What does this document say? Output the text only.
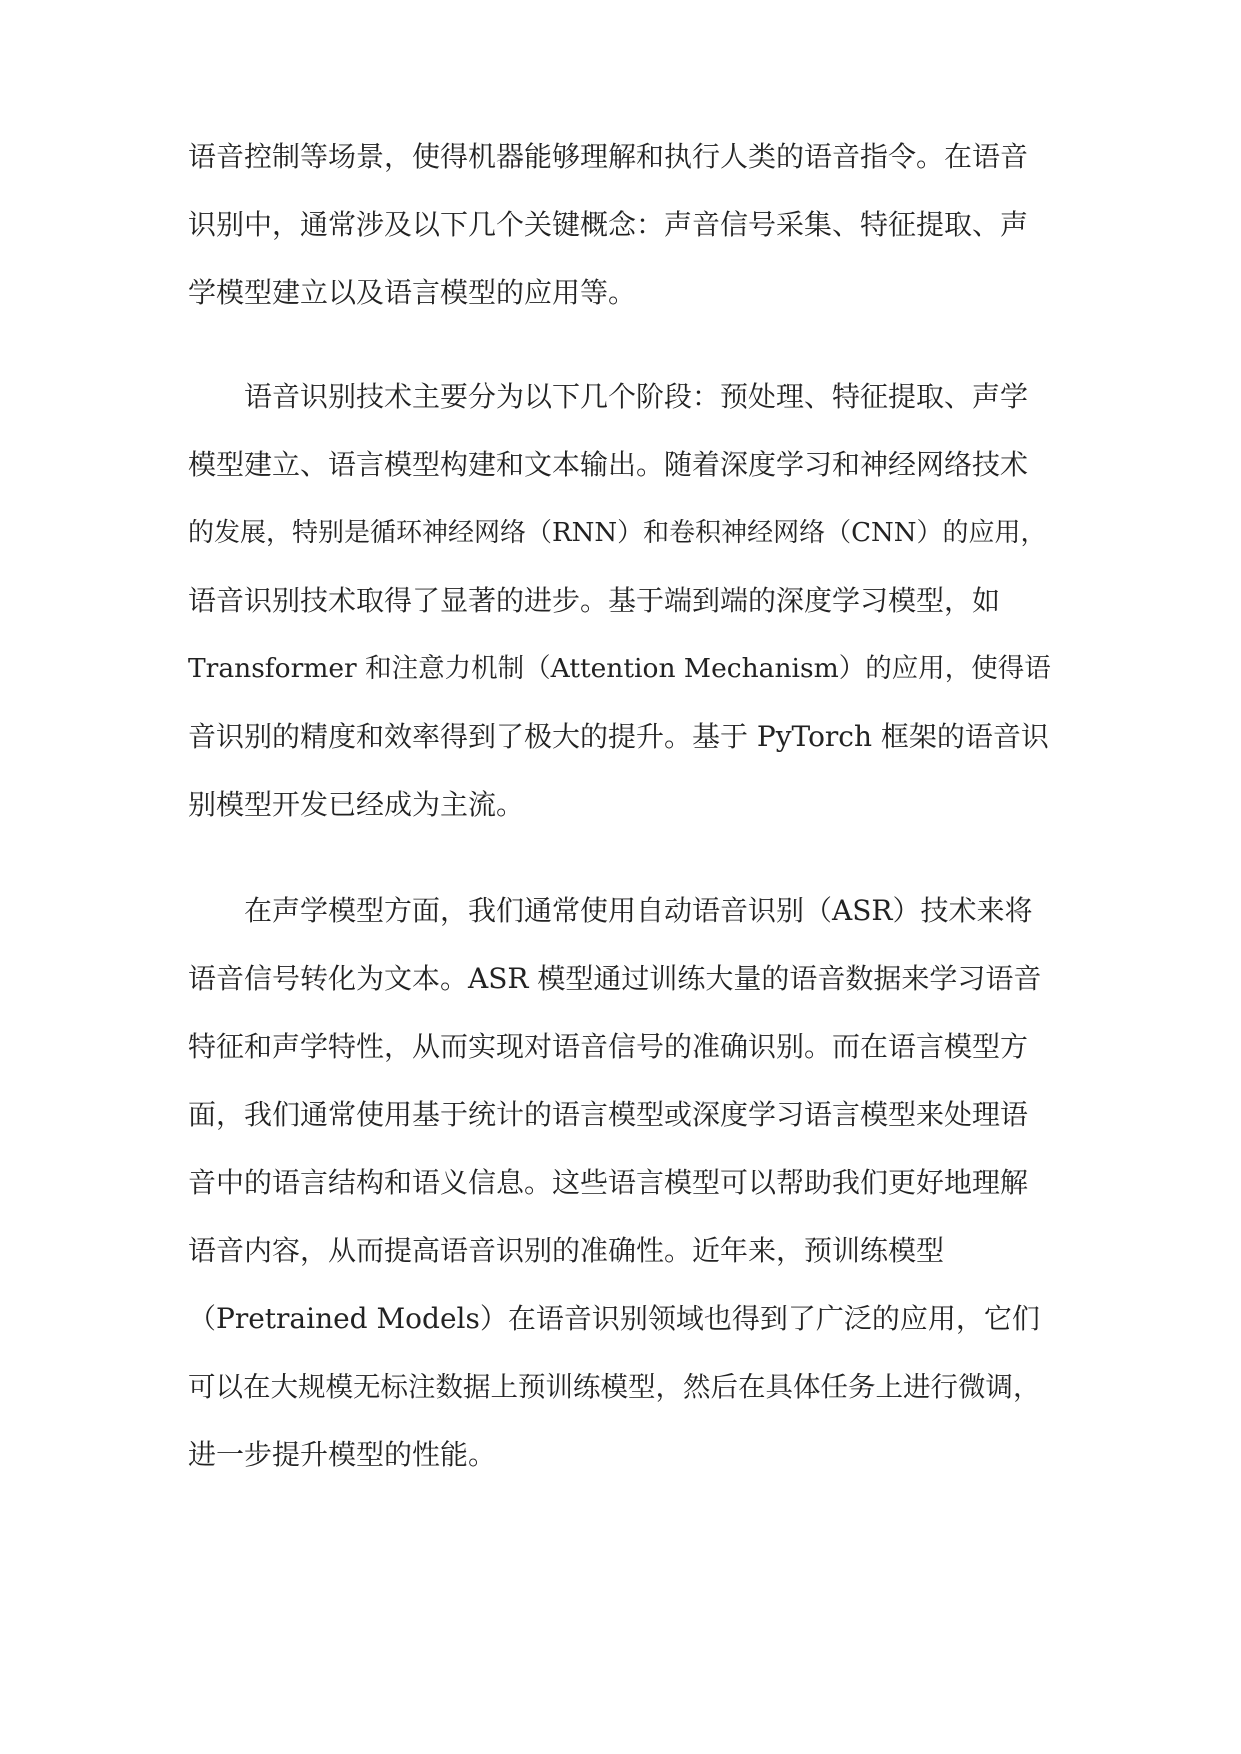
语音控制等场景，使得机器能够理解和执行人类的语音指令。在语音

识别中，通常涉及以下几个关键概念：声音信号采集、特征提取、声

学模型建立以及语言模型的应用等。

语音识别技术主要分为以下几个阶段：预处理、特征提取、声学

模型建立、语言模型构建和文本输出。随着深度学习和神经网络技术

的发展，特别是循环神经网络（RNN）和卷积神经网络（CNN）的应用，

语音识别技术取得了显著的进步。基于端到端的深度学习模型，如

Transformer 和注意力机制（Attention Mechanism）的应用，使得语

音识别的精度和效率得到了极大的提升。基于 PyTorch 框架的语音识

别模型开发已经成为主流。

在声学模型方面，我们通常使用自动语音识别（ASR）技术来将

语音信号转化为文本。ASR 模型通过训练大量的语音数据来学习语音

特征和声学特性，从而实现对语音信号的准确识别。而在语言模型方

面，我们通常使用基于统计的语言模型或深度学习语言模型来处理语

音中的语言结构和语义信息。这些语言模型可以帮助我们更好地理解

语音内容，从而提高语音识别的准确性。近年来，预训练模型

（Pretrained Models）在语音识别领域也得到了广泛的应用，它们

可以在大规模无标注数据上预训练模型，然后在具体任务上进行微调，

进一步提升模型的性能。
